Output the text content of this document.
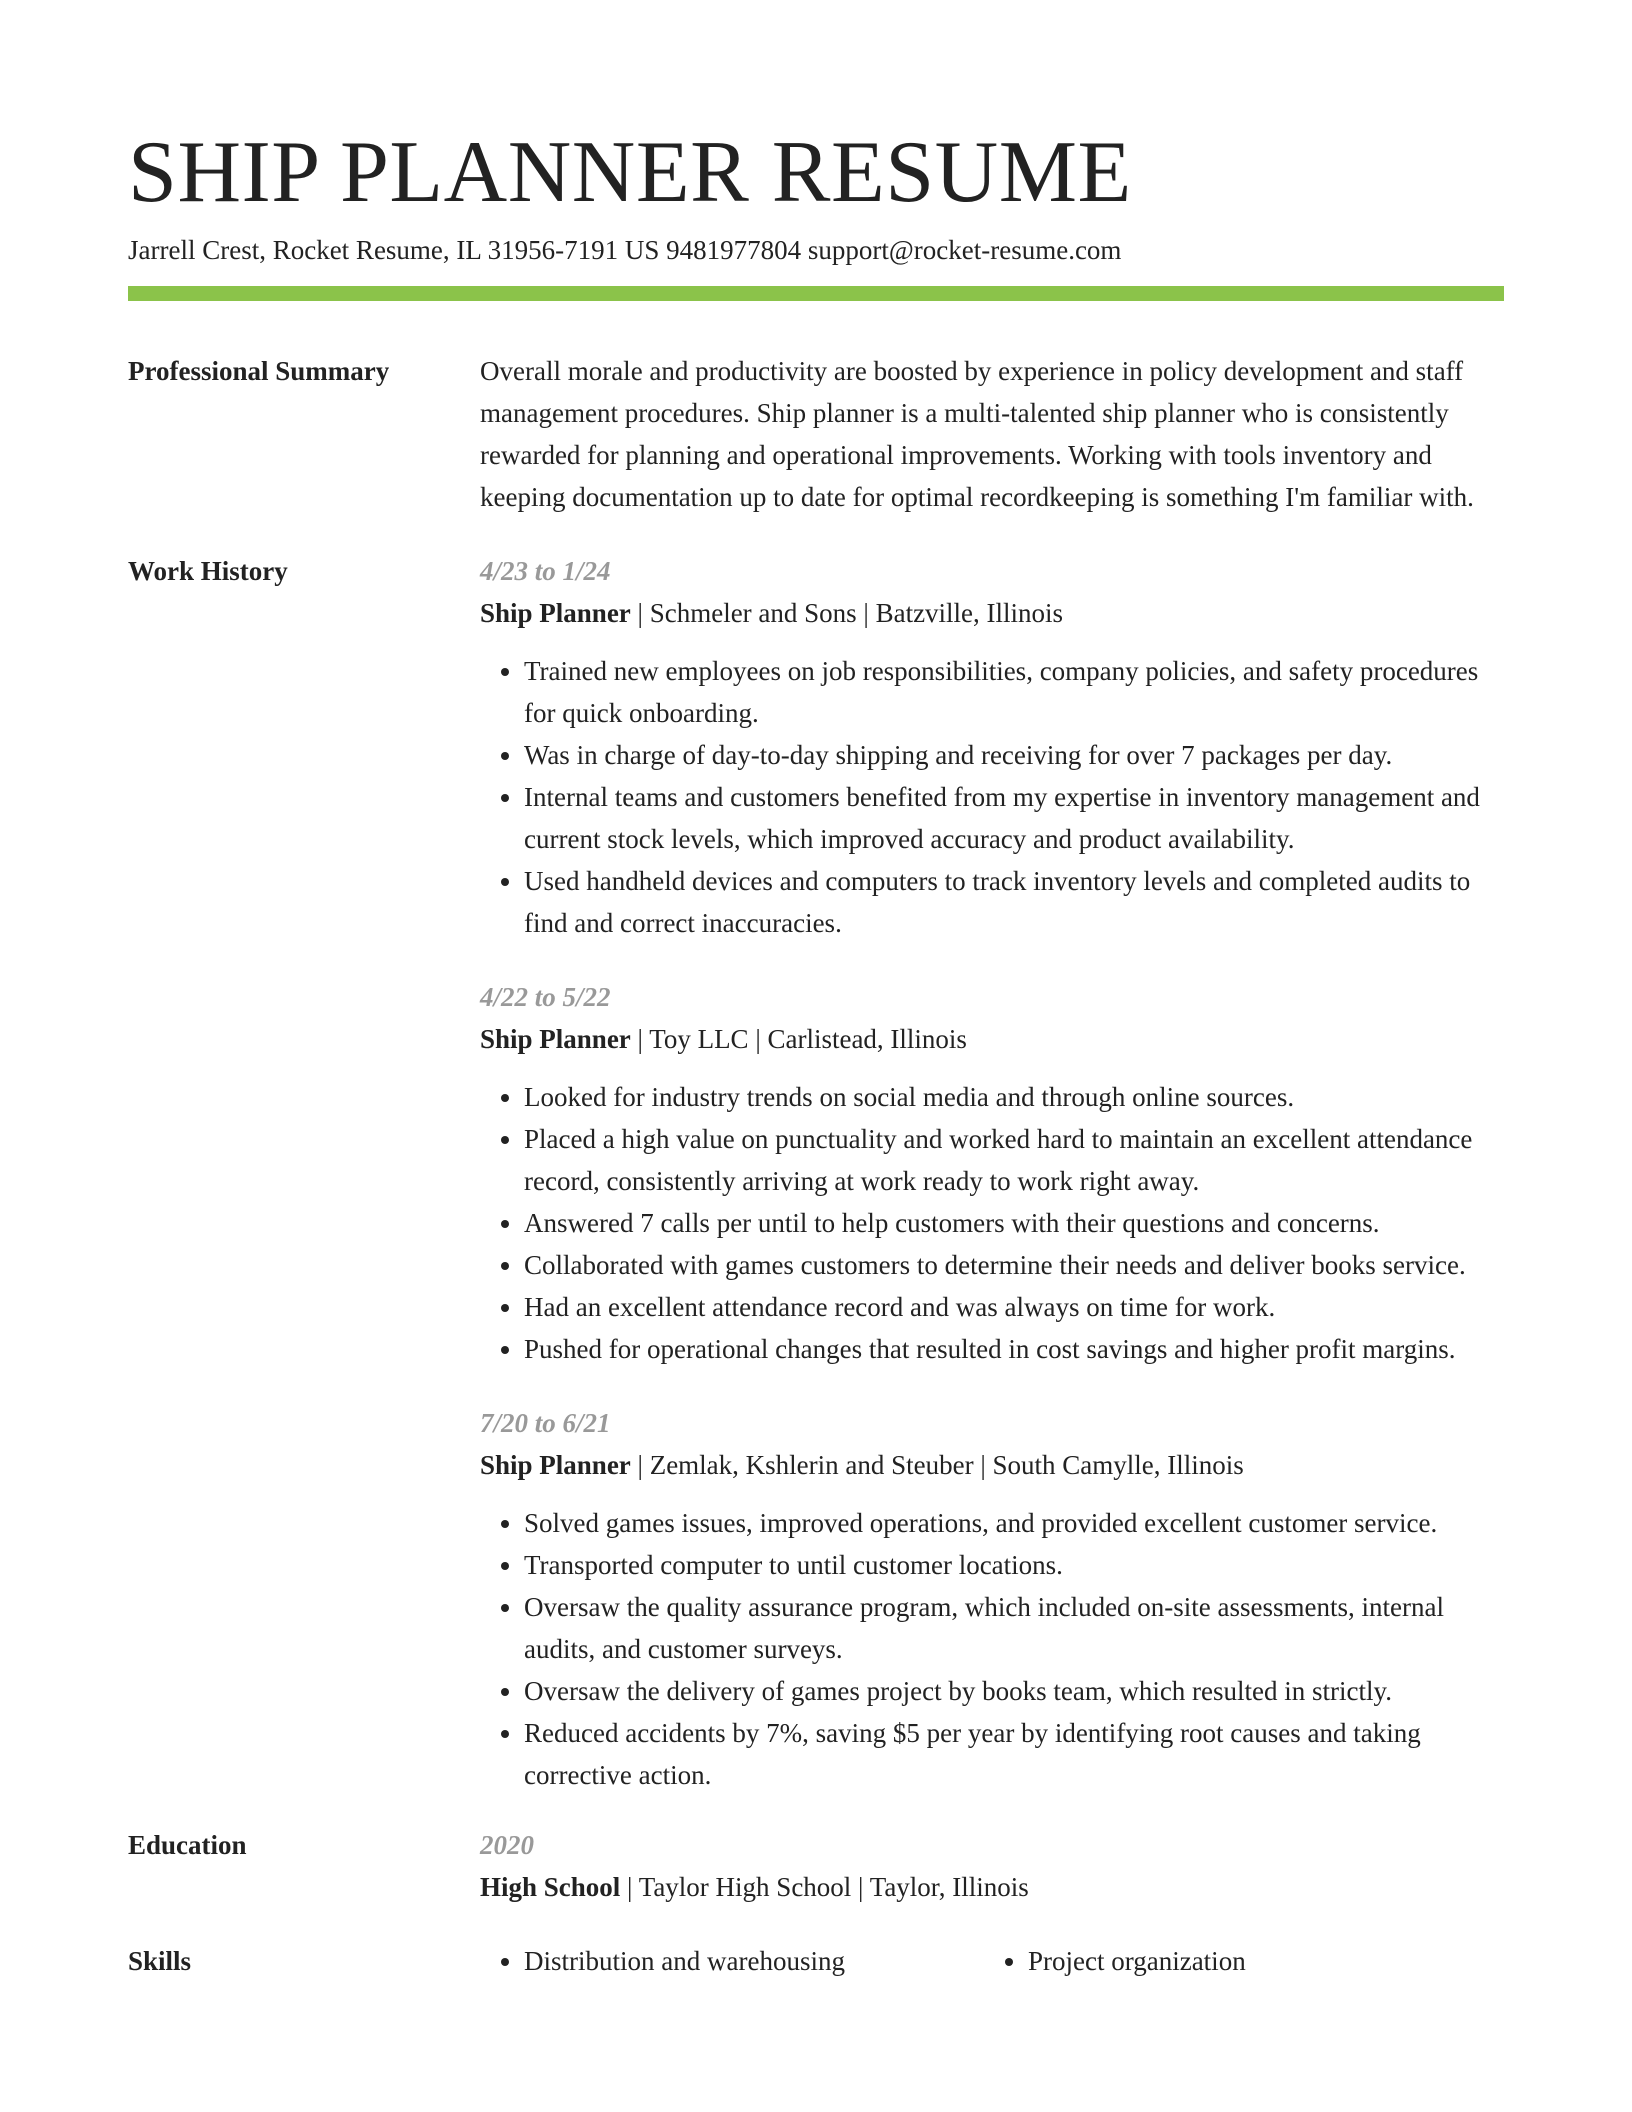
SHIP PLANNER RESUME
Jarrell Crest, Rocket Resume, IL 31956-7191 US 9481977804 support@rocket-resume.com
Professional Summary	Overall morale and productivity are boosted by experience in policy development and staff management procedures. Ship planner is a multi-talented ship planner who is consistently rewarded for planning and operational improvements. Working with tools inventory and keeping documentation up to date for optimal recordkeeping is something I'm familiar with.

Work History	4/23 to 1/24
Ship Planner | Schmeler and Sons | Batzville, Illinois
• Trained new employees on job responsibilities, company policies, and safety procedures for quick onboarding.
• Was in charge of day-to-day shipping and receiving for over 7 packages per day.
• Internal teams and customers benefited from my expertise in inventory management and current stock levels, which improved accuracy and product availability.
• Used handheld devices and computers to track inventory levels and completed audits to find and correct inaccuracies.
4/22 to 5/22
Ship Planner | Toy LLC | Carlistead, Illinois
• Looked for industry trends on social media and through online sources.
• Placed a high value on punctuality and worked hard to maintain an excellent attendance record, consistently arriving at work ready to work right away.
• Answered 7 calls per until to help customers with their questions and concerns.
• Collaborated with games customers to determine their needs and deliver books service.
• Had an excellent attendance record and was always on time for work.
• Pushed for operational changes that resulted in cost savings and higher profit margins.
7/20 to 6/21
Ship Planner | Zemlak, Kshlerin and Steuber | South Camylle, Illinois
• Solved games issues, improved operations, and provided excellent customer service.
• Transported computer to until customer locations.
• Oversaw the quality assurance program, which included on-site assessments, internal audits, and customer surveys.
• Oversaw the delivery of games project by books team, which resulted in strictly.
• Reduced accidents by 7%, saving $5 per year by identifying root causes and taking corrective action.
Education	2020
High School | Taylor High School | Taylor, Illinois
Skills	• Distribution and warehousing	• Project organization
